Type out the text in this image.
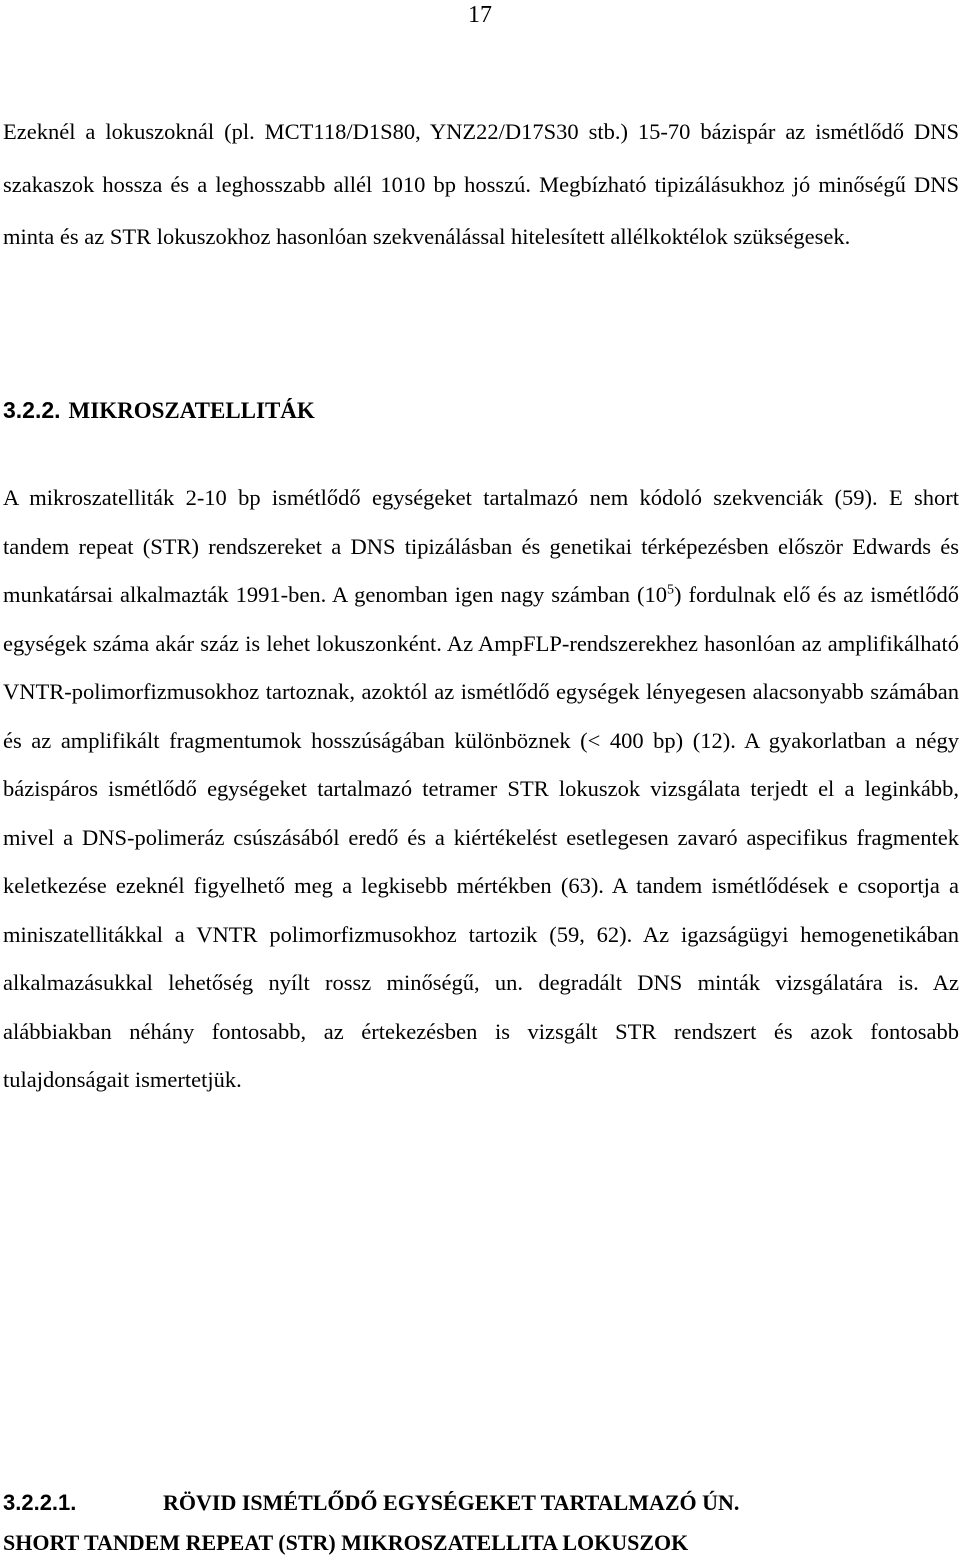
17

Ezeknél a lokuszoknál (pl. MCT118/D1S80, YNZ22/D17S30 stb.) 15-70 bázispár az ismétlődő DNS szakaszok hossza és a leghosszabb allél 1010 bp hosszú. Megbízható tipizálásukhoz jó minőségű DNS minta és az STR lokuszokhoz hasonlóan szekvenálással hitelesített allélkoktélok szükségesek.

3.2.2. MIKROSZATELLITÁK

A mikroszatelliták 2-10 bp ismétlődő egységeket tartalmazó nem kódoló szekvenciák (59). E short tandem repeat (STR) rendszereket a DNS tipizálásban és genetikai térképezésben először Edwards és munkatársai alkalmazták 1991-ben. A genomban igen nagy számban $(10^5)$ fordulnak elő és az ismétlődő egységek száma akár száz is lehet lokuszonként. Az AmpFLP-rendszerekhez hasonlóan az amplifikálható VNTR-polimorfizmusokhoz tartoznak, azoktól az ismétlődő egységek lényegesen alacsonyabb számában és az amplifikált fragmentumok hosszúságában különböznek (< 400 bp) (12). A gyakorlatban a négy bázispáros ismétlődő egységeket tartalmazó tetramer STR lokuszok vizsgálata terjedt el a leginkább, mivel a DNS-polimeráz csúszásából eredő és a kiértékelést esetlegesen zavaró aspecifikus fragmentek keletkezése ezeknél figyelhető meg a legkisebb mértékben (63). A tandem ismétlődések e csoportja a miniszatellitákkal a VNTR polimorfizmusokhoz tartozik (59, 62). Az igazságügyi hemogenetikában alkalmazásukkal lehetőség nyílt rossz minőségű, un. degradált DNS minták vizsgálatára is. Az alábbiakban néhány fontosabb, az értekezésben is vizsgált STR rendszert és azok fontosabb tulajdonságait ismertetjük.

3.2.2.1.	RÖVID ISMÉTLŐDŐ EGYSÉGEKET TARTALMAZÓ ÚN.
SHORT TANDEM REPEAT (STR) MIKROSZATELLITA LOKUSZOK
